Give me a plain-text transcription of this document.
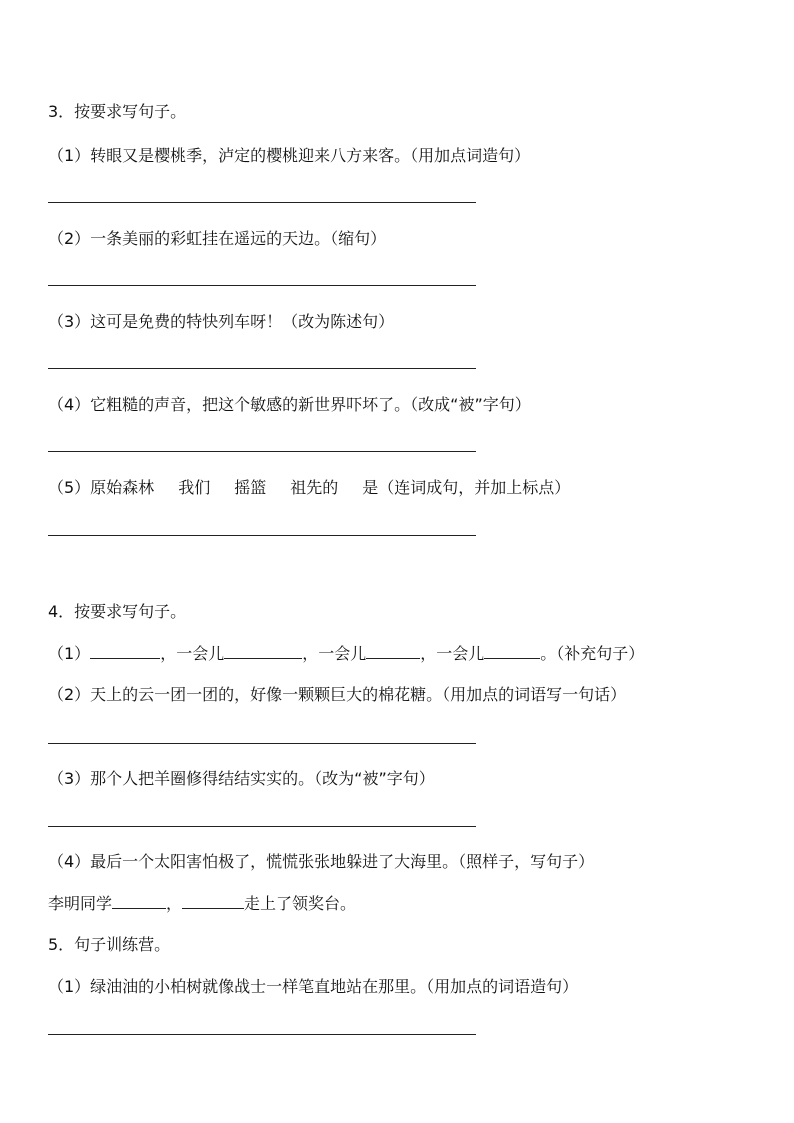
3．按要求写句子。
（1）转眼又是樱桃季，泸定的樱桃迎来八方来客。（用加点词造句）
（2）一条美丽的彩虹挂在遥远的天边。（缩句）
（3）这可是免费的特快列车呀！（改为陈述句）
（4）它粗糙的声音，把这个敏感的新世界吓坏了。（改成“被”字句）
（5）原始森林 我们 摇篮 祖先的 是（连词成句，并加上标点）
4．按要求写句子。
（1）	，一会儿	，一会儿	，一会儿	。（补充句子）
（2）天上的云一团一团的，好像一颗颗巨大的棉花糖。（用加点的词语写一句话）
（3）那个人把羊圈修得结结实实的。（改为“被”字句）
（4）最后一个太阳害怕极了，慌慌张张地躲进了大海里。（照样子，写句子）
李明同学	，	走上了领奖台。
5．句子训练营。
（1）绿油油的小柏树就像战士一样笔直地站在那里。（用加点的词语造句）
